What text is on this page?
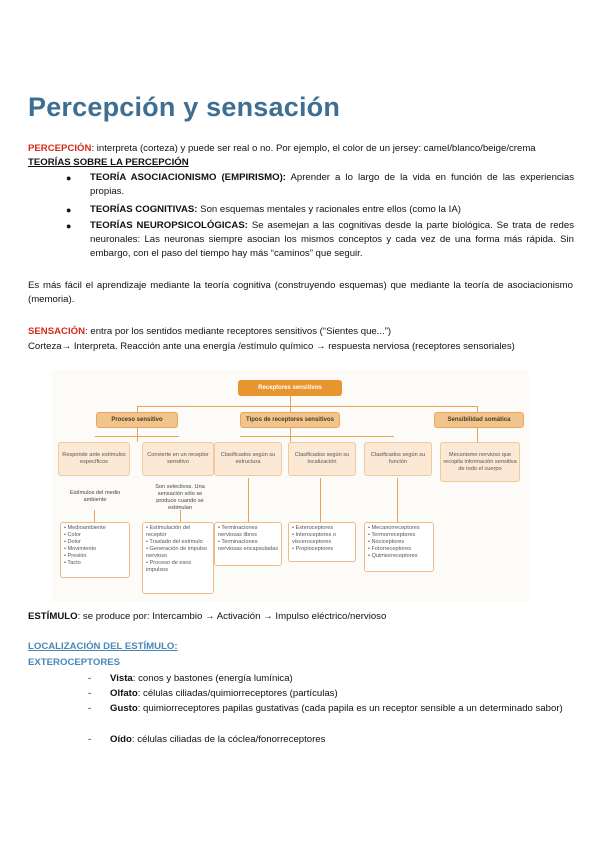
Percepción y sensación
PERCEPCIÓN: interpreta (corteza) y puede ser real o no. Por ejemplo, el color de un jersey: camel/blanco/beige/crema
TEORÍAS SOBRE LA PERCEPCIÓN
● TEORÍA ASOCIACIONISMO (EMPIRISMO): Aprender a lo largo de la vida en función de las experiencias propias.
● TEORÍAS COGNITIVAS: Son esquemas mentales y racionales entre ellos (como la IA)
● TEORÍAS NEUROPSICOLÓGICAS: Se asemejan a las cognitivas desde la parte biológica. Se trata de redes neuronales: Las neuronas siempre asocian los mismos conceptos y cada vez de una forma más rápida. Sin embargo, con el paso del tiempo hay más “caminos” que seguir.
Es más fácil el aprendizaje mediante la teoría cognitiva (construyendo esquemas) que mediante la teoría de asociacionismo (memoria).
SENSACIÓN: entra por los sentidos mediante receptores sensitivos (“Sientes que...”)
Corteza→ Interpreta. Reacción ante una energía /estímulo químico → respuesta nerviosa (receptores sensoriales)
Receptores sensitivos
Proceso sensitivo	Tipos de receptores sensitivos	Sensibilidad somática
Responde ante estímulos específicos
Convierte en un receptor sensitivo
Clasificados según su estructura
Clasificados según su localización
Clasificados según su función
Mecanismo nervioso que recopila información sensitiva de todo el cuerpo
Estímulos del medio ambiente
Son selectivos. Una sensación sólo se produce cuando se estimulan
• Medioambiente
• Color
• Dolor
• Movimiento
• Presión
• Tacto
• Estimulación del receptor
• Traslado del estímulo
• Generación de impulso nervioso
• Proceso de esos impulsos
• Terminaciones nerviosas libres
• Terminaciones nerviosas encapsuladas
• Exteroceptores
• Interoceptores o visceroceptores
• Propioceptores
• Mecanorreceptores
• Termorreceptores
• Nociceptores
• Fotorreceptores
• Quimiorreceptores
ESTÍMULO: se produce por: Intercambio → Activación → Impulso eléctrico/nervioso
LOCALIZACIÓN DEL ESTÍMULO:
EXTEROCEPTORES
- Vista: conos y bastones (energía lumínica)
- Olfato: células ciliadas/quimiorreceptores (partículas)
- Gusto: quimiorreceptores papilas gustativas (cada papila es un receptor sensible a un determinado sabor)
- Oído: células ciliadas de la cóclea/fonorreceptores
